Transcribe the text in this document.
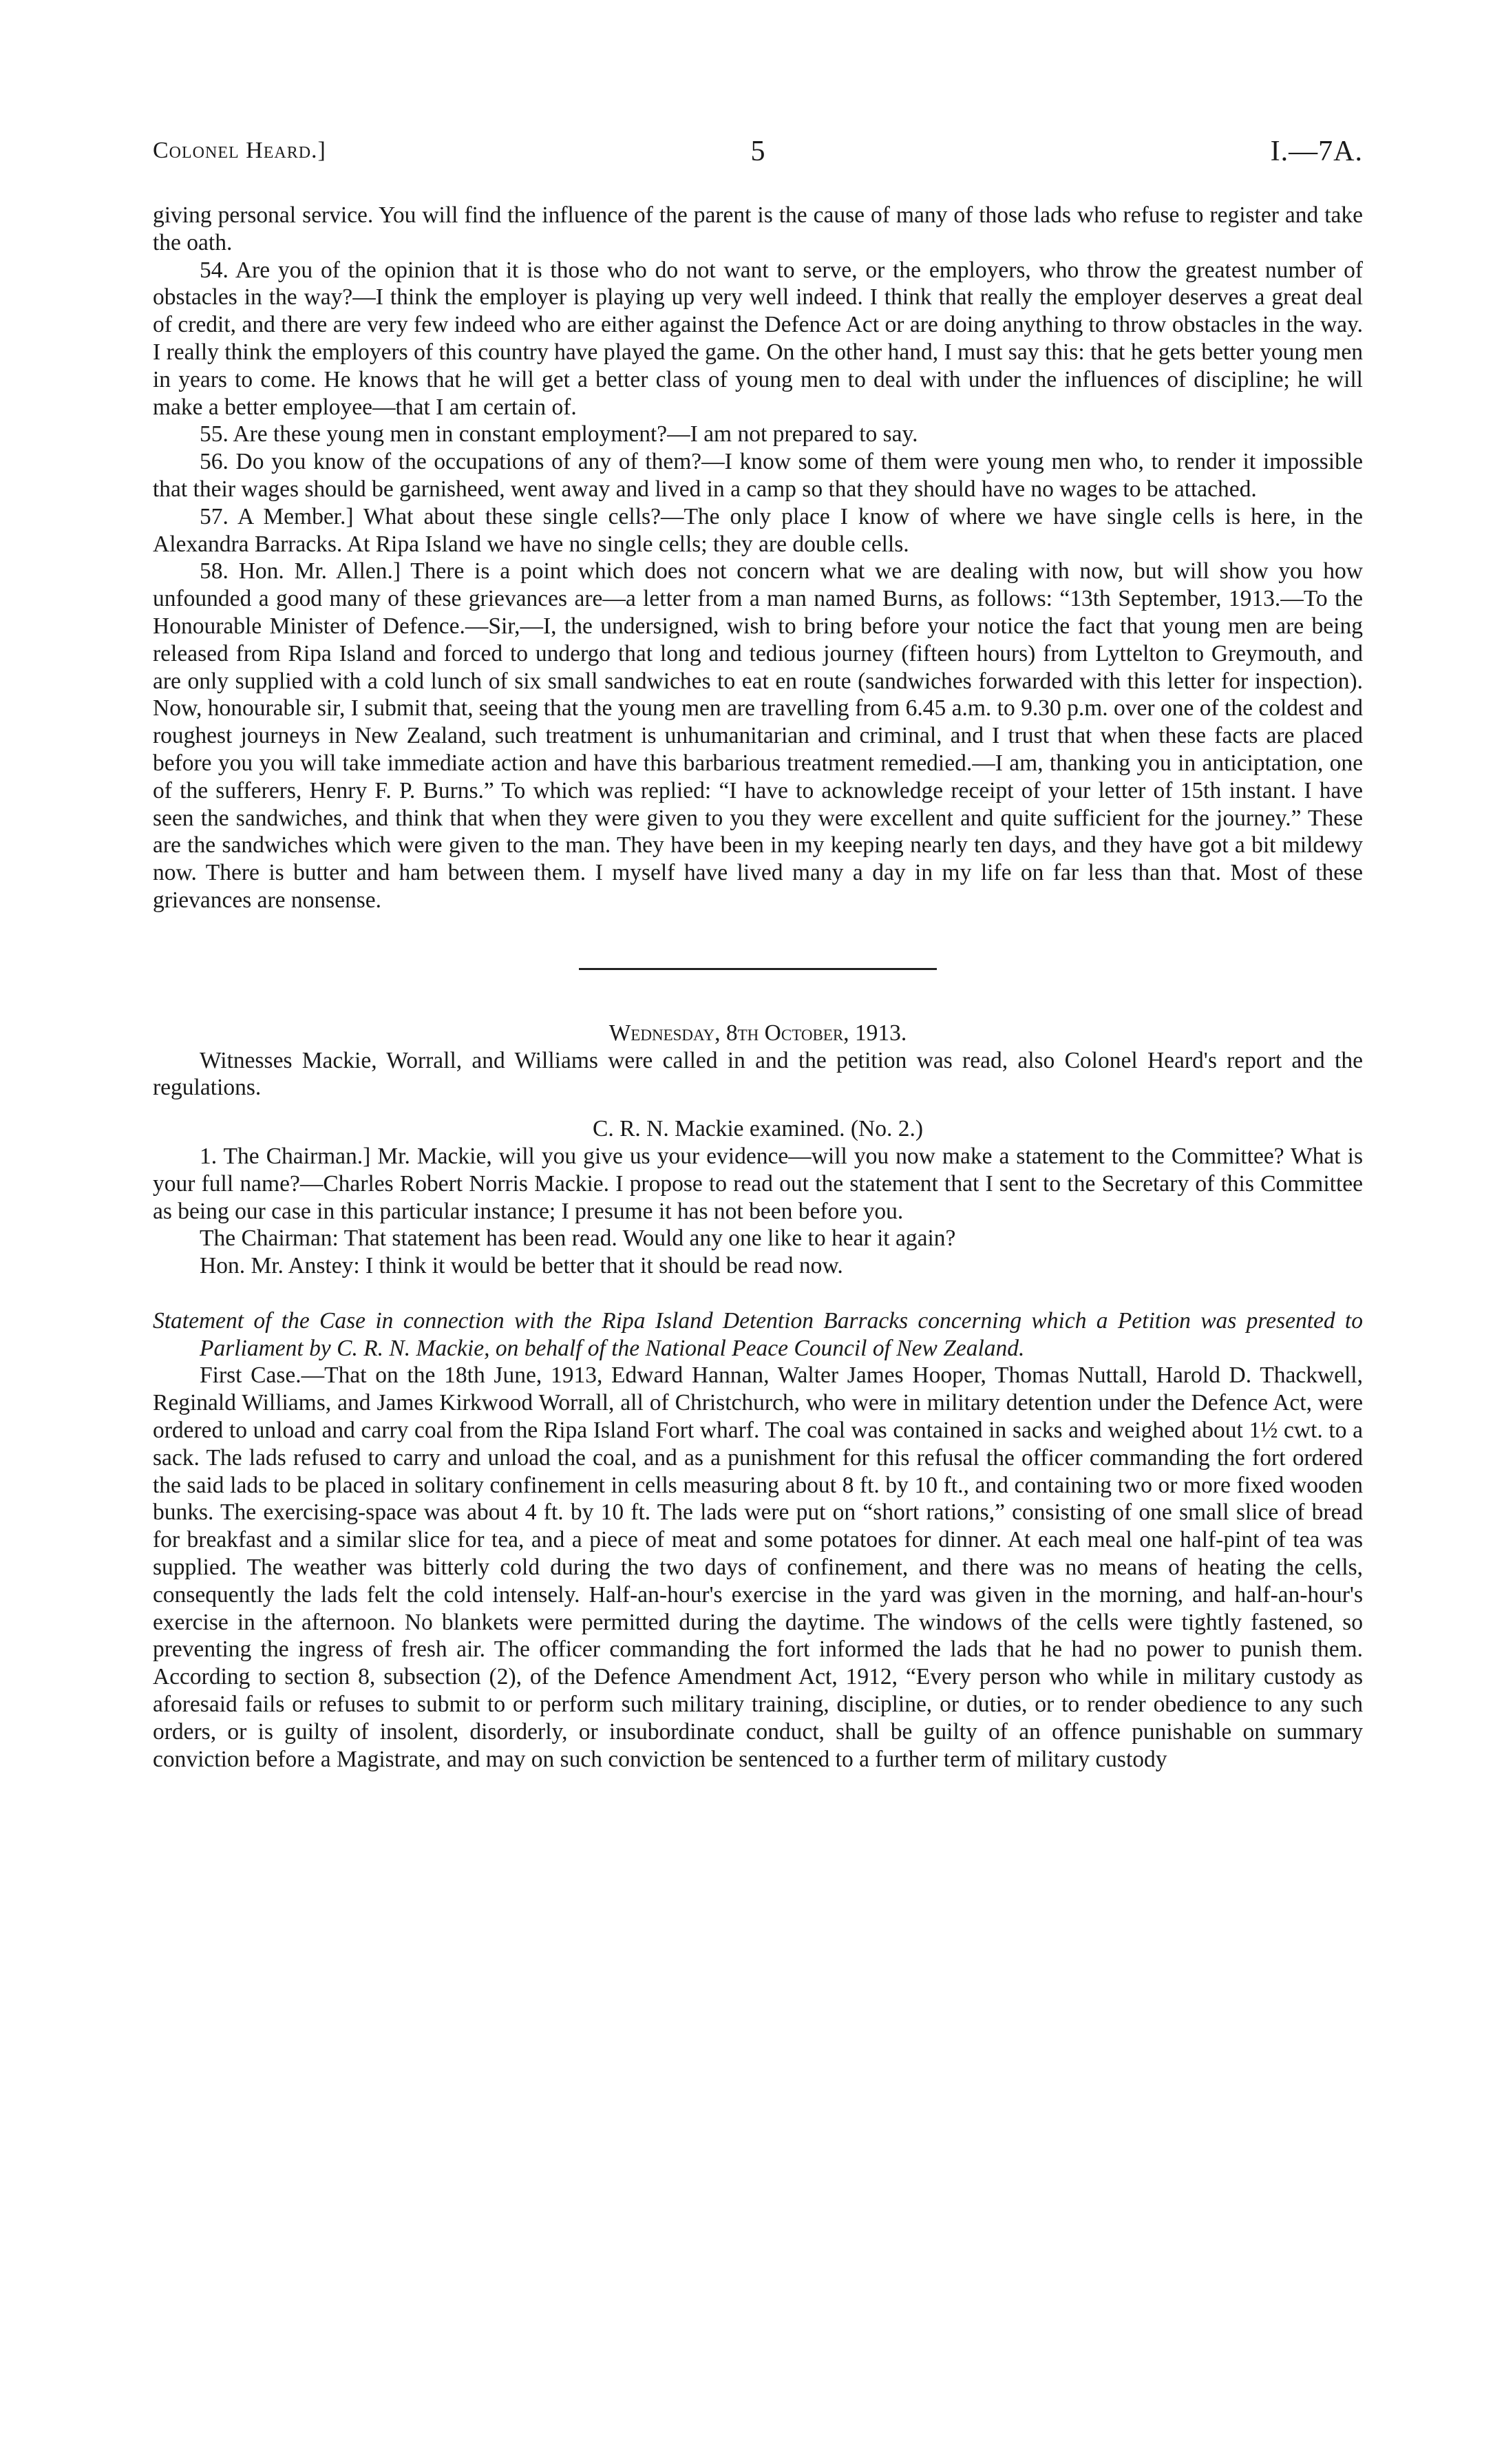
Colonel Heard.]	5	I.—7A.

giving personal service. You will find the influence of the parent is the cause of many of those lads who refuse to register and take the oath.

54. Are you of the opinion that it is those who do not want to serve, or the employers, who throw the greatest number of obstacles in the way?—I think the employer is playing up very well indeed. I think that really the employer deserves a great deal of credit, and there are very few indeed who are either against the Defence Act or are doing anything to throw obstacles in the way. I really think the employers of this country have played the game. On the other hand, I must say this: that he gets better young men in years to come. He knows that he will get a better class of young men to deal with under the influences of discipline; he will make a better employee—that I am certain of.

55. Are these young men in constant employment?—I am not prepared to say.

56. Do you know of the occupations of any of them?—I know some of them were young men who, to render it impossible that their wages should be garnisheed, went away and lived in a camp so that they should have no wages to be attached.

57. A Member.] What about these single cells?—The only place I know of where we have single cells is here, in the Alexandra Barracks. At Ripa Island we have no single cells; they are double cells.

58. Hon. Mr. Allen.] There is a point which does not concern what we are dealing with now, but will show you how unfounded a good many of these grievances are—a letter from a man named Burns, as follows: “13th September, 1913.—To the Honourable Minister of Defence.—Sir,—I, the undersigned, wish to bring before your notice the fact that young men are being released from Ripa Island and forced to undergo that long and tedious journey (fifteen hours) from Lyttelton to Greymouth, and are only supplied with a cold lunch of six small sandwiches to eat en route (sandwiches forwarded with this letter for inspection). Now, honourable sir, I submit that, seeing that the young men are travelling from 6.45 a.m. to 9.30 p.m. over one of the coldest and roughest journeys in New Zealand, such treatment is unhumanitarian and criminal, and I trust that when these facts are placed before you you will take immediate action and have this barbarious treatment remedied.—I am, thanking you in anticiptation, one of the sufferers, Henry F. P. Burns.” To which was replied: “I have to acknowledge receipt of your letter of 15th instant. I have seen the sandwiches, and think that when they were given to you they were excellent and quite sufficient for the journey.” These are the sandwiches which were given to the man. They have been in my keeping nearly ten days, and they have got a bit mildewy now. There is butter and ham between them. I myself have lived many a day in my life on far less than that. Most of these grievances are nonsense.

Wednesday, 8th October, 1913.

Witnesses Mackie, Worrall, and Williams were called in and the petition was read, also Colonel Heard's report and the regulations.

C. R. N. Mackie examined. (No. 2.)

1. The Chairman.] Mr. Mackie, will you give us your evidence—will you now make a statement to the Committee? What is your full name?—Charles Robert Norris Mackie. I propose to read out the statement that I sent to the Secretary of this Committee as being our case in this particular instance; I presume it has not been before you.

The Chairman: That statement has been read. Would any one like to hear it again?

Hon. Mr. Anstey: I think it would be better that it should be read now.

Statement of the Case in connection with the Ripa Island Detention Barracks concerning which a Petition was presented to Parliament by C. R. N. Mackie, on behalf of the National Peace Council of New Zealand.

First Case.—That on the 18th June, 1913, Edward Hannan, Walter James Hooper, Thomas Nuttall, Harold D. Thackwell, Reginald Williams, and James Kirkwood Worrall, all of Christchurch, who were in military detention under the Defence Act, were ordered to unload and carry coal from the Ripa Island Fort wharf. The coal was contained in sacks and weighed about 1½ cwt. to a sack. The lads refused to carry and unload the coal, and as a punishment for this refusal the officer commanding the fort ordered the said lads to be placed in solitary confinement in cells measuring about 8 ft. by 10 ft., and containing two or more fixed wooden bunks. The exercising-space was about 4 ft. by 10 ft. The lads were put on “short rations,” consisting of one small slice of bread for breakfast and a similar slice for tea, and a piece of meat and some potatoes for dinner. At each meal one half-pint of tea was supplied. The weather was bitterly cold during the two days of confinement, and there was no means of heating the cells, consequently the lads felt the cold intensely. Half-an-hour's exercise in the yard was given in the morning, and half-an-hour's exercise in the afternoon. No blankets were permitted during the daytime. The windows of the cells were tightly fastened, so preventing the ingress of fresh air. The officer commanding the fort informed the lads that he had no power to punish them. According to section 8, subsection (2), of the Defence Amendment Act, 1912, “Every person who while in military custody as aforesaid fails or refuses to submit to or perform such military training, discipline, or duties, or to render obedience to any such orders, or is guilty of insolent, disorderly, or insubordinate conduct, shall be guilty of an offence punishable on summary conviction before a Magistrate, and may on such conviction be sentenced to a further term of military custody
